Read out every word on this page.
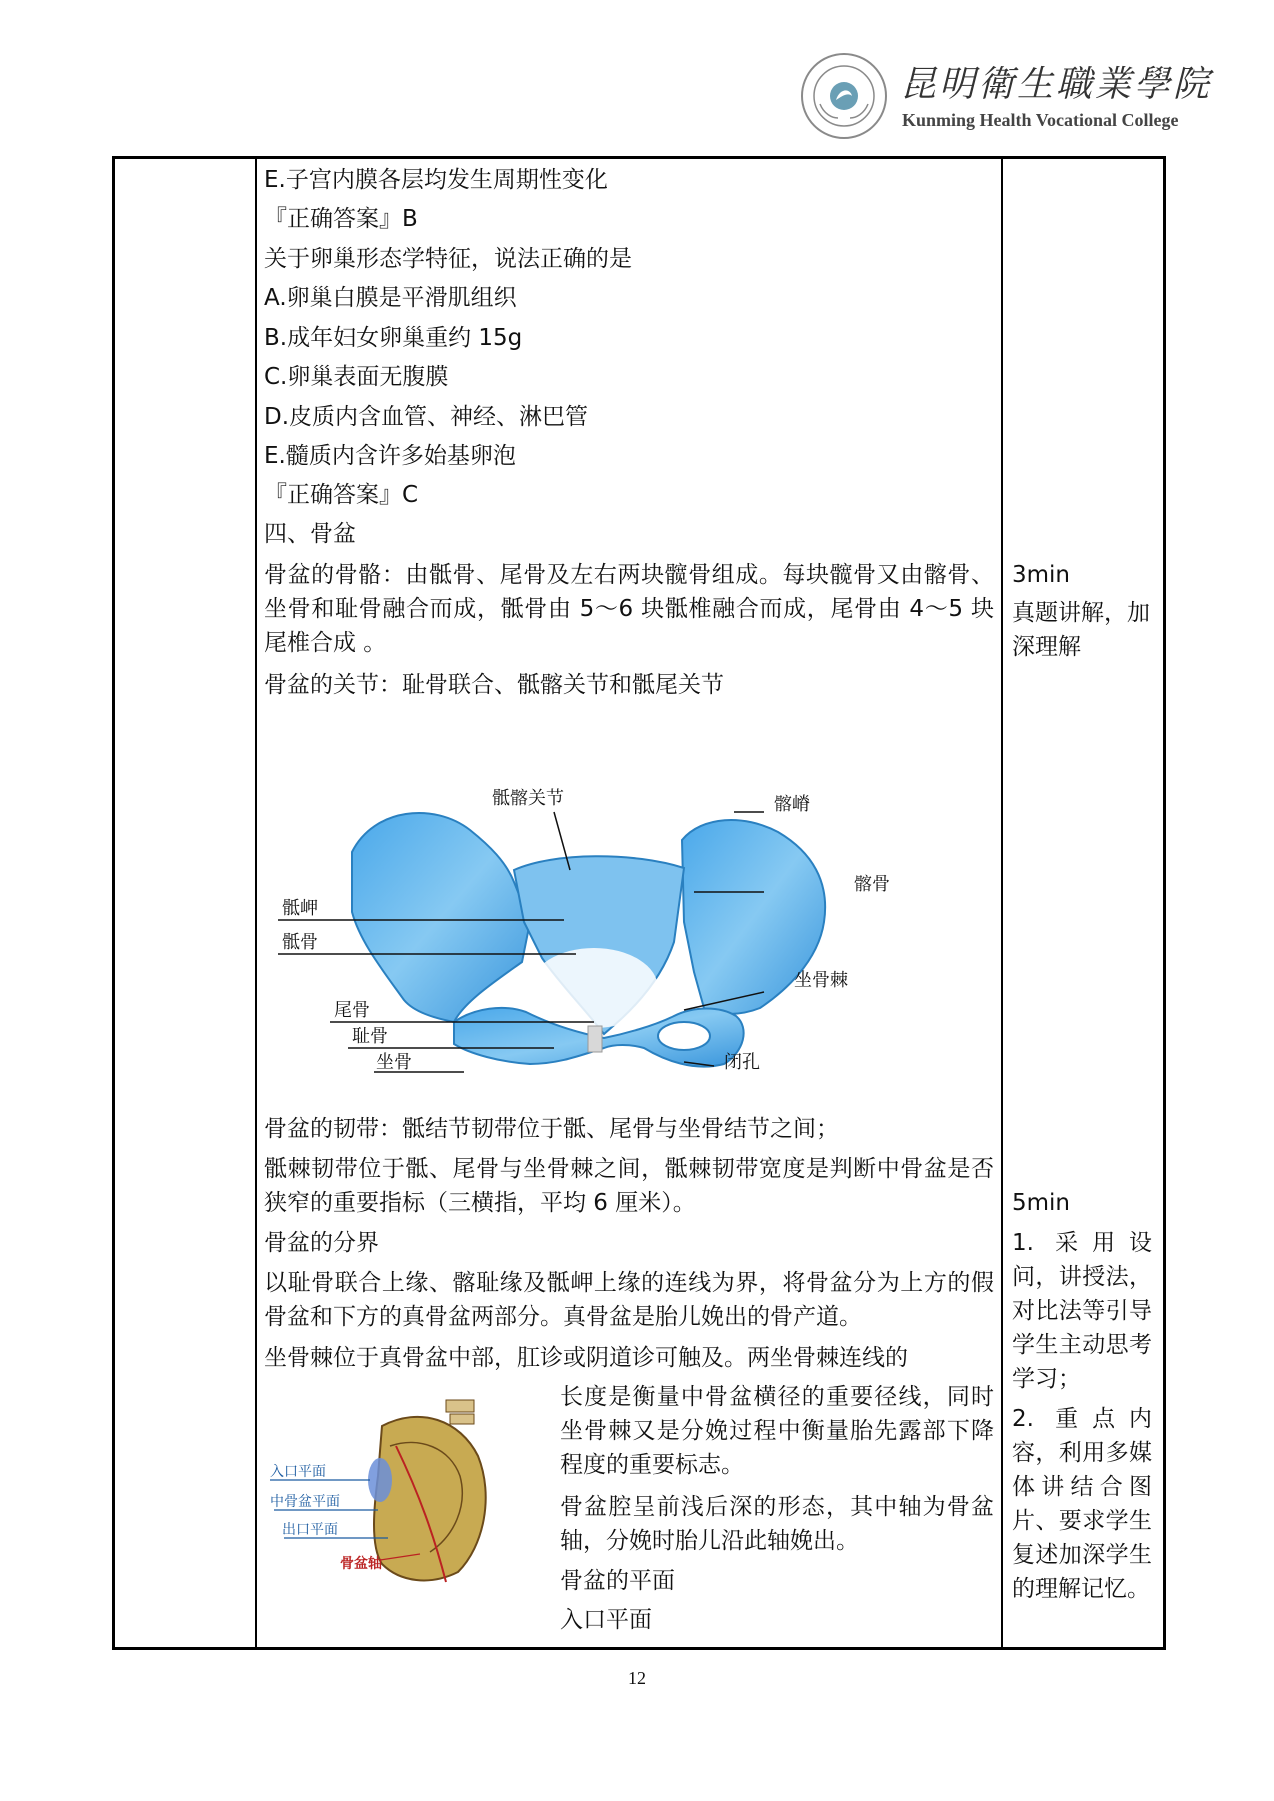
昆明衛生職業學院
Kunming Health Vocational College
E.子宫内膜各层均发生周期性变化
『正确答案』B
关于卵巢形态学特征，说法正确的是
A.卵巢白膜是平滑肌组织
B.成年妇女卵巢重约 15g
C.卵巢表面无腹膜
D.皮质内含血管、神经、淋巴管
E.髓质内含许多始基卵泡
『正确答案』C
四、骨盆
骨盆的骨骼：由骶骨、尾骨及左右两块髋骨组成。每块髋骨又由髂骨、坐骨和耻骨融合而成，骶骨由 5～6 块骶椎融合而成，尾骨由 4～5 块尾椎合成 。
骨盆的关节：耻骨联合、骶髂关节和骶尾关节
骶髂关节	髂嵴
髂骨
骶岬
骶骨
坐骨棘
尾骨
耻骨
闭孔
坐骨
骨盆的韧带：骶结节韧带位于骶、尾骨与坐骨结节之间；
骶棘韧带位于骶、尾骨与坐骨棘之间，骶棘韧带宽度是判断中骨盆是否狭窄的重要指标（三横指，平均 6 厘米）。
骨盆的分界
以耻骨联合上缘、髂耻缘及骶岬上缘的连线为界，将骨盆分为上方的假骨盆和下方的真骨盆两部分。真骨盆是胎儿娩出的骨产道。
坐骨棘位于真骨盆中部，肛诊或阴道诊可触及。两坐骨棘连线的
入口平面
中骨盆平面
出口平面
骨盆轴
长度是衡量中骨盆横径的重要径线，同时坐骨棘又是分娩过程中衡量胎先露部下降程度的重要标志。
骨盆腔呈前浅后深的形态，其中轴为骨盆轴，分娩时胎儿沿此轴娩出。
骨盆的平面
入口平面
3min
真题讲解，加深理解
5min
1. 采用设问，讲授法，对比法等引导学生主动思考学习；
2. 重点内容，利用多媒体讲结合图片、要求学生复述加深学生的理解记忆。
12
